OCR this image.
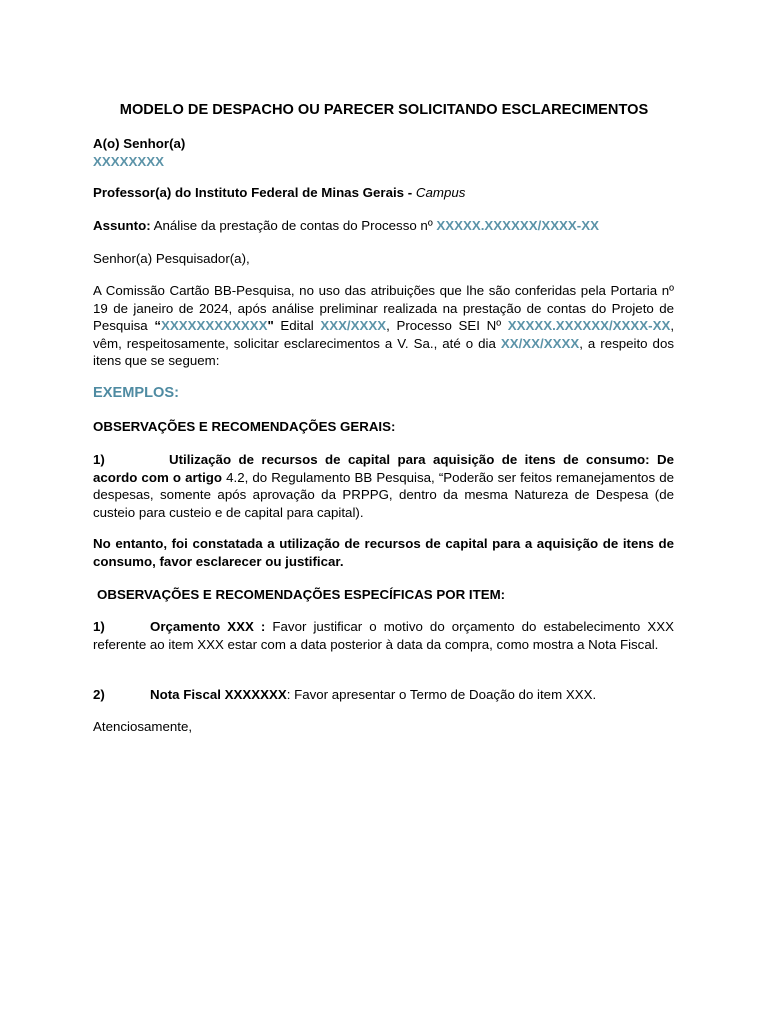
MODELO DE DESPACHO OU PARECER SOLICITANDO ESCLARECIMENTOS
A(o) Senhor(a)
XXXXXXXX
Professor(a) do Instituto Federal de Minas Gerais - Campus
Assunto: Análise da prestação de contas do Processo nº XXXXX.XXXXXX/XXXX-XX
Senhor(a) Pesquisador(a),
A Comissão Cartão BB-Pesquisa, no uso das atribuições que lhe são conferidas pela Portaria nº 19 de janeiro de 2024, após análise preliminar realizada na prestação de contas do Projeto de Pesquisa “XXXXXXXXXXXX" Edital XXX/XXXX, Processo SEI Nº XXXXX.XXXXXX/XXXX-XX, vêm, respeitosamente, solicitar esclarecimentos a V. Sa., até o dia XX/XX/XXXX, a respeito dos itens que se seguem:
EXEMPLOS:
OBSERVAÇÕES E RECOMENDAÇÕES GERAIS:
1)	Utilização de recursos de capital para aquisição de itens de consumo: De acordo com o artigo 4.2, do Regulamento BB Pesquisa, “Poderão ser feitos remanejamentos de despesas, somente após aprovação da PRPPG, dentro da mesma Natureza de Despesa (de custeio para custeio e de capital para capital).
No entanto, foi constatada a utilização de recursos de capital para a aquisição de itens de consumo, favor esclarecer ou justificar.
OBSERVAÇÕES E RECOMENDAÇÕES ESPECÍFICAS POR ITEM:
1)	Orçamento XXX : Favor justificar o motivo do orçamento do estabelecimento XXX referente ao item XXX estar com a data posterior à data da compra, como mostra a Nota Fiscal.
2)	Nota Fiscal XXXXXXX: Favor apresentar o Termo de Doação do item XXX.
Atenciosamente,
